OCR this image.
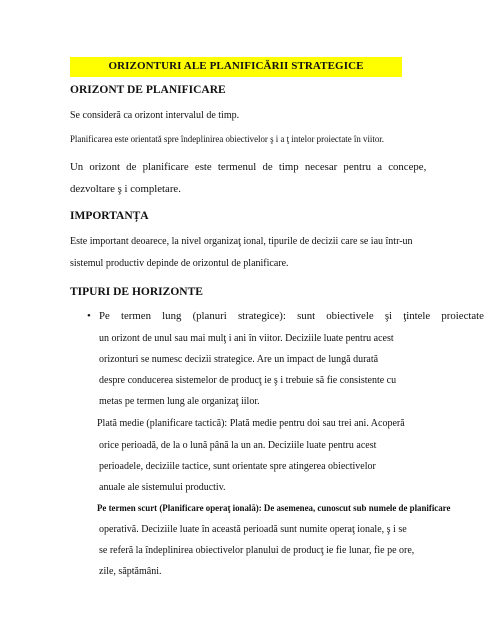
ORIZONTURI ALE PLANIFICĂRII STRATEGICE
ORIZONT DE PLANIFICARE
Se consideră ca orizont intervalul de timp.
Planificarea este orientată spre îndeplinirea obiectivelor ş i a ţ intelor proiectate în viitor.
Un orizont de planificare este termenul de timp necesar pentru a concepe,
dezvoltare ş i completare.
IMPORTANȚA
Este important deoarece, la nivel organizaţ ional, tipurile de decizii care se iau într-un
sistemul productiv depinde de orizontul de planificare.
TIPURI DE HORIZONTE
• Pe termen lung (planuri strategice): sunt obiectivele şi ţintele proiectate
un orizont de unul sau mai mulţ i ani în viitor. Deciziile luate pentru acest
orizonturi se numesc decizii strategice. Are un impact de lungă durată
despre conducerea sistemelor de producţ ie ş i trebuie să fie consistente cu
metas pe termen lung ale organizaţ iilor.
Plată medie (planificare tactică): Plată medie pentru doi sau trei ani. Acoperă
orice perioadă, de la o lună până la un an. Deciziile luate pentru acest
perioadele, deciziile tactice, sunt orientate spre atingerea obiectivelor
anuale ale sistemului productiv.
Pe termen scurt (Planificare operaţ ională): De asemenea, cunoscut sub numele de planificare
operativă. Deciziile luate în această perioadă sunt numite operaţ ionale, ş i se
se referă la îndeplinirea obiectivelor planului de producţ ie fie lunar, fie pe ore,
zile, săptămâni.
